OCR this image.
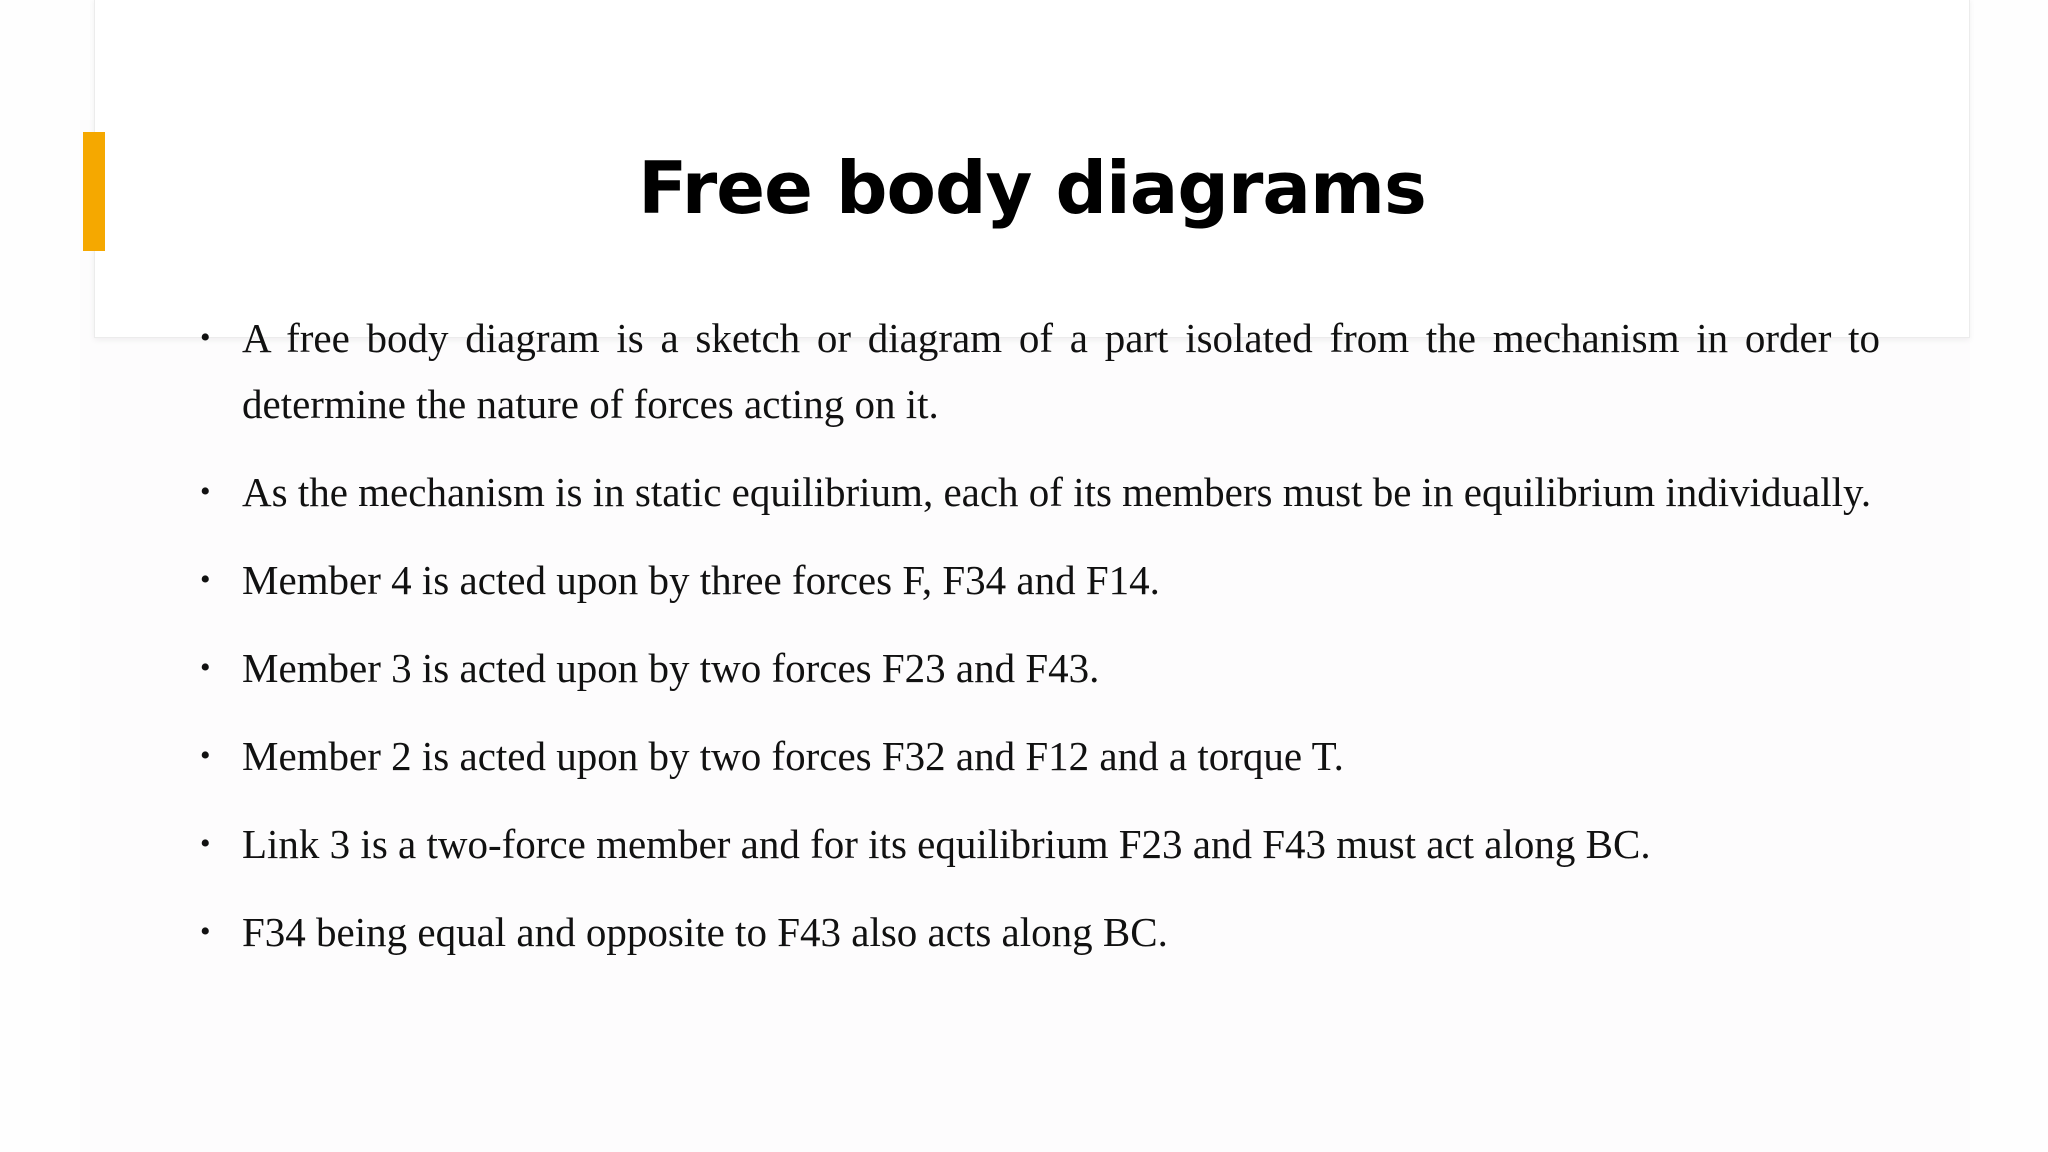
Free body diagrams
• A free body diagram is a sketch or diagram of a part isolated from the mechanism in order to determine the nature of forces acting on it.
• As the mechanism is in static equilibrium, each of its members must be in equilibrium individually.
• Member 4 is acted upon by three forces F, F34 and F14.
• Member 3 is acted upon by two forces F23 and F43.
• Member 2 is acted upon by two forces F32 and F12 and a torque T.
• Link 3 is a two-force member and for its equilibrium F23 and F43 must act along BC.
• F34 being equal and opposite to F43 also acts along BC.
